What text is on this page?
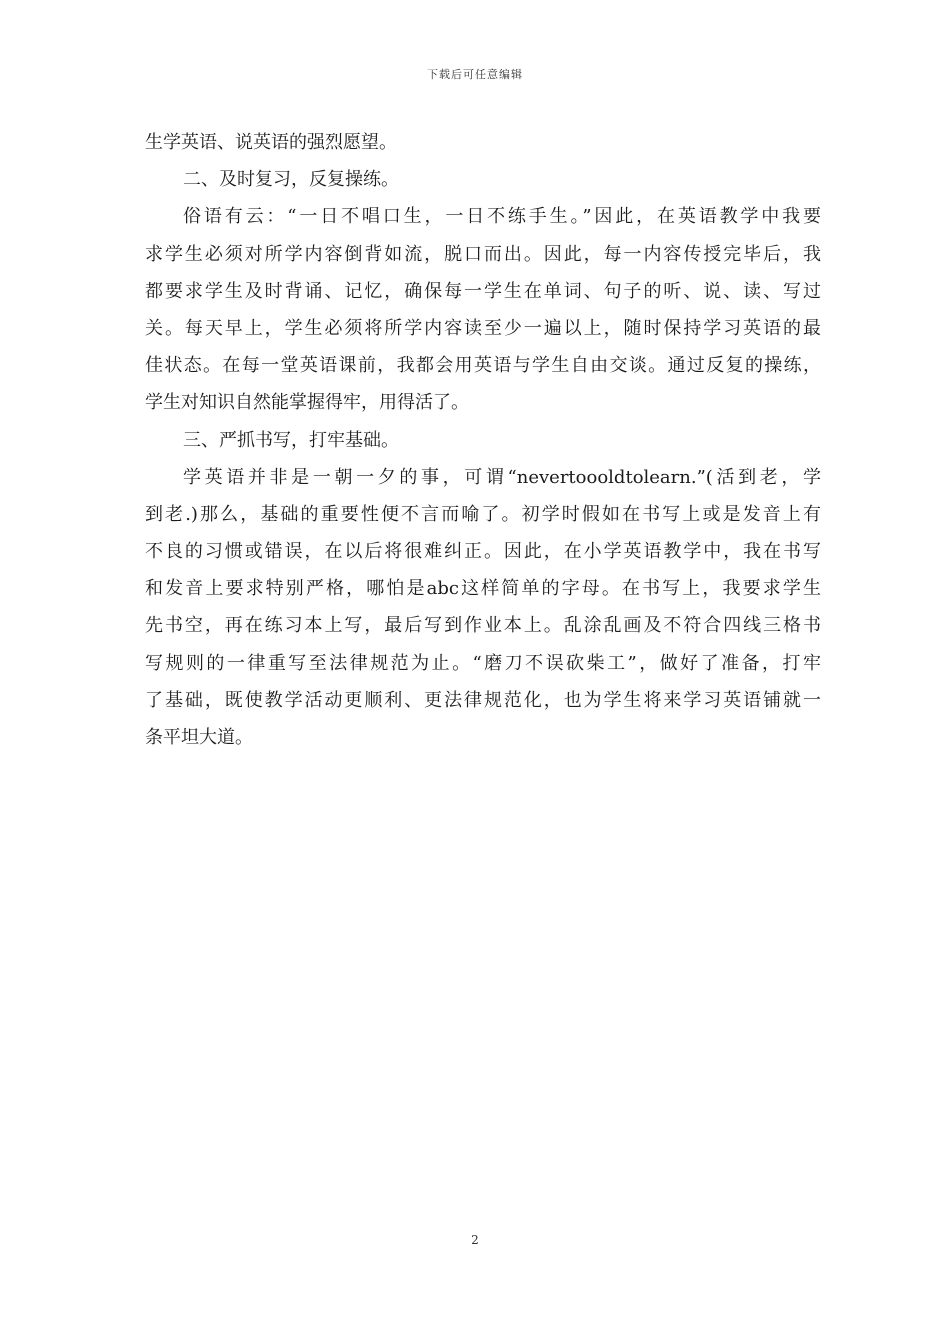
下载后可任意编辑
生学英语、说英语的强烈愿望。
二、及时复习，反复操练。
俗语有云：“一日不唱口生，一日不练手生。”因此，在英语教学中我要
求学生必须对所学内容倒背如流，脱口而出。因此，每一内容传授完毕后，我
都要求学生及时背诵、记忆，确保每一学生在单词、句子的听、说、读、写过
关。每天早上，学生必须将所学内容读至少一遍以上，随时保持学习英语的最
佳状态。在每一堂英语课前，我都会用英语与学生自由交谈。通过反复的操练，
学生对知识自然能掌握得牢，用得活了。
三、严抓书写，打牢基础。
学英语并非是一朝一夕的事，可谓“nevertoooldtolearn.”(活到老，学
到老.)那么，基础的重要性便不言而喻了。初学时假如在书写上或是发音上有
不良的习惯或错误，在以后将很难纠正。因此，在小学英语教学中，我在书写
和发音上要求特别严格，哪怕是abc这样简单的字母。在书写上，我要求学生
先书空，再在练习本上写，最后写到作业本上。乱涂乱画及不符合四线三格书
写规则的一律重写至法律规范为止。“磨刀不误砍柴工”，做好了准备，打牢
了基础，既使教学活动更顺利、更法律规范化，也为学生将来学习英语铺就一
条平坦大道。
2
